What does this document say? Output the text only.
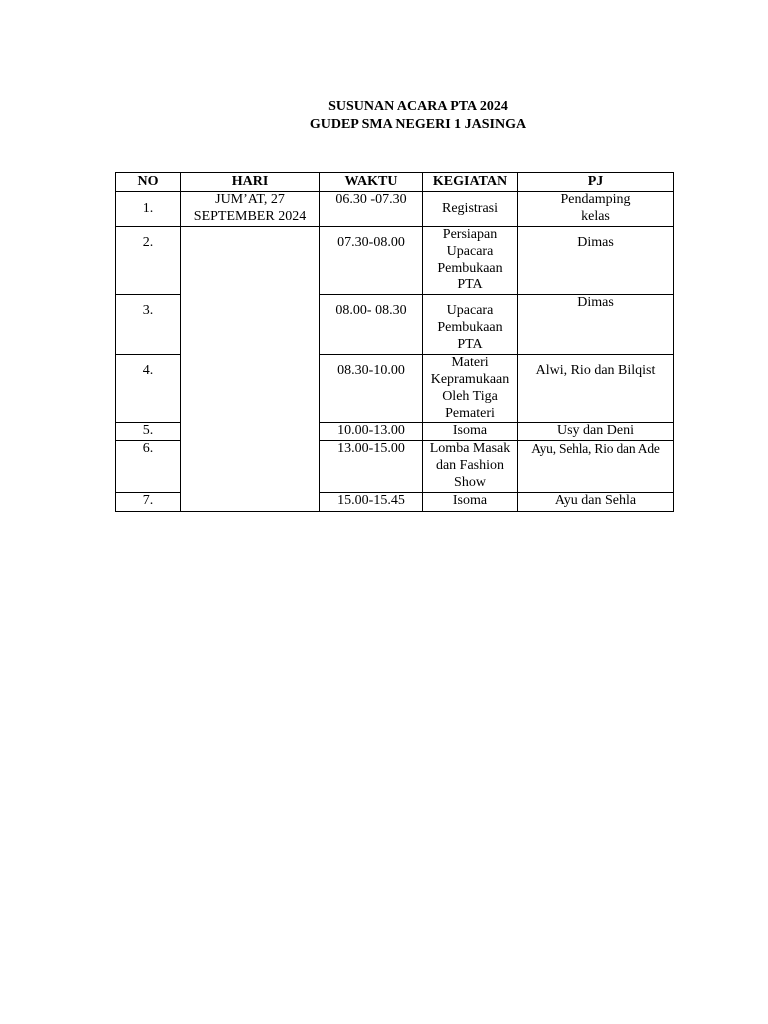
SUSUNAN ACARA PTA 2024
GUDEP SMA NEGERI 1 JASINGA
NO	HARI	WAKTU	KEGIATAN	PJ
1.	JUM’AT, 27
SEPTEMBER 2024	06.30 -07.30	Registrasi	Pendamping
kelas

2.		07.30-08.00	Persiapan
Upacara
Pembukaan
PTA	Dimas

3.		08.00- 08.30	Upacara
Pembukaan
PTA	Dimas

4.		08.30-10.00	Materi
Kepramukaan
Oleh Tiga
Pemateri	Alwi, Rio dan Bilqist

5.		10.00-13.00	Isoma	Usy dan Deni

6.		13.00-15.00	Lomba Masak
dan Fashion
Show	Ayu, Sehla, Rio dan Ade

7.		15.00-15.45	Isoma	Ayu dan Sehla
